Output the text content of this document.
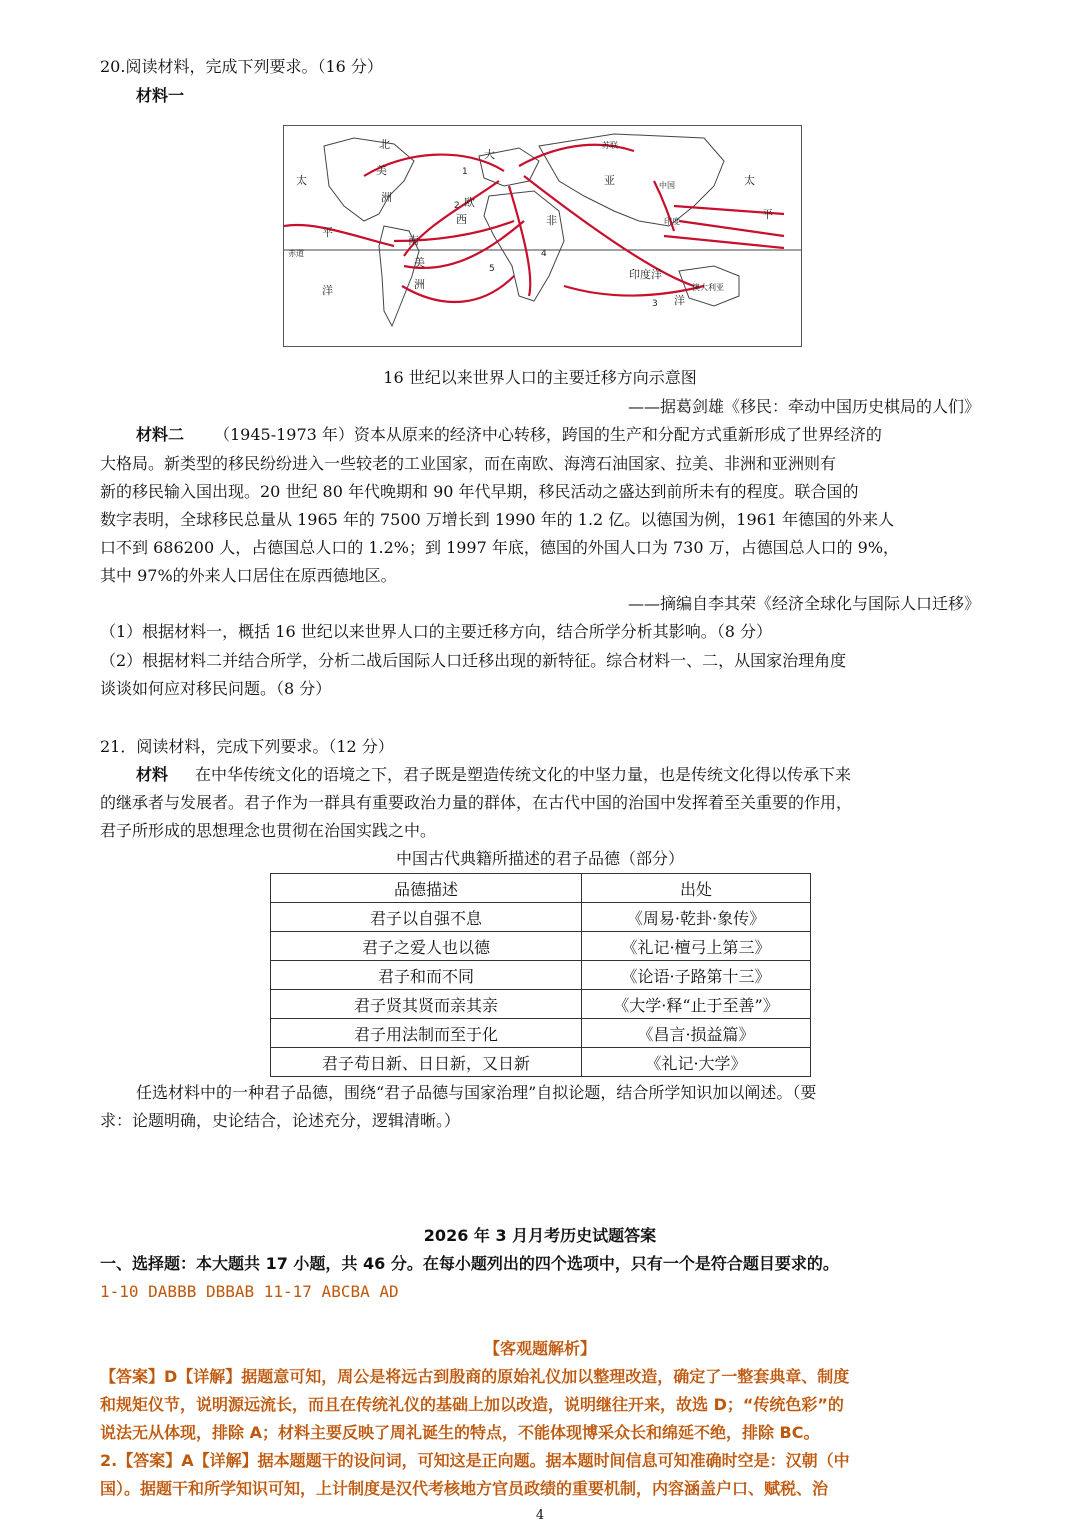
20.阅读材料，完成下列要求。（16 分）
材料一
北
大
苏联
亚	中国	太
美
洲	欧
平
太
西	非	印度
南
平
赤道
美
洲
印度洋
洋	澳大利亚
洋
1
2
3
4
5
16 世纪以来世界人口的主要迁移方向示意图
——据葛剑雄《移民：牵动中国历史棋局的人们》
材料二 （1945-1973 年）资本从原来的经济中心转移，跨国的生产和分配方式重新形成了世界经济的
大格局。新类型的移民纷纷进入一些较老的工业国家，而在南欧、海湾石油国家、拉美、非洲和亚洲则有
新的移民输入国出现。20 世纪 80 年代晚期和 90 年代早期，移民活动之盛达到前所未有的程度。联合国的
数字表明，全球移民总量从 1965 年的 7500 万增长到 1990 年的 1.2 亿。以德国为例，1961 年德国的外来人
口不到 686200 人，占德国总人口的 1.2%；到 1997 年底，德国的外国人口为 730 万，占德国总人口的 9%，
其中 97%的外来人口居住在原西德地区。
——摘编自李其荣《经济全球化与国际人口迁移》
（1）根据材料一，概括 16 世纪以来世界人口的主要迁移方向，结合所学分析其影响。（8 分）
（2）根据材料二并结合所学，分析二战后国际人口迁移出现的新特征。综合材料一、二，从国家治理角度
谈谈如何应对移民问题。（8 分）
21．阅读材料，完成下列要求。（12 分）
材料 在中华传统文化的语境之下，君子既是塑造传统文化的中坚力量，也是传统文化得以传承下来
的继承者与发展者。君子作为一群具有重要政治力量的群体，在古代中国的治国中发挥着至关重要的作用，
君子所形成的思想理念也贯彻在治国实践之中。
中国古代典籍所描述的君子品德（部分）
品德描述	出处
君子以自强不息	《周易·乾卦·象传》
君子之爱人也以德	《礼记·檀弓上第三》
君子和而不同	《论语·子路第十三》
君子贤其贤而亲其亲	《大学·释“止于至善”》
君子用法制而至于化	《昌言·损益篇》
君子苟日新、日日新，又日新	《礼记·大学》
任选材料中的一种君子品德，围绕“君子品德与国家治理”自拟论题，结合所学知识加以阐述。（要
求：论题明确，史论结合，论述充分，逻辑清晰。）
2026 年 3 月月考历史试题答案
一、选择题：本大题共 17 小题，共 46 分。在每小题列出的四个选项中，只有一个是符合题目要求的。
1-10 DABBB DBBAB 11-17 ABCBA AD
【客观题解析】
【答案】D【详解】据题意可知，周公是将远古到殷商的原始礼仪加以整理改造，确定了一整套典章、制度
和规矩仪节，说明源远流长，而且在传统礼仪的基础上加以改造，说明继往开来，故选 D；“传统色彩”的
说法无从体现，排除 A；材料主要反映了周礼诞生的特点，不能体现博采众长和绵延不绝，排除 BC。
2.【答案】A【详解】据本题题干的设问词，可知这是正向题。据本题时间信息可知准确时空是：汉朝（中
国）。据题干和所学知识可知，上计制度是汉代考核地方官员政绩的重要机制，内容涵盖户口、赋税、治
4
